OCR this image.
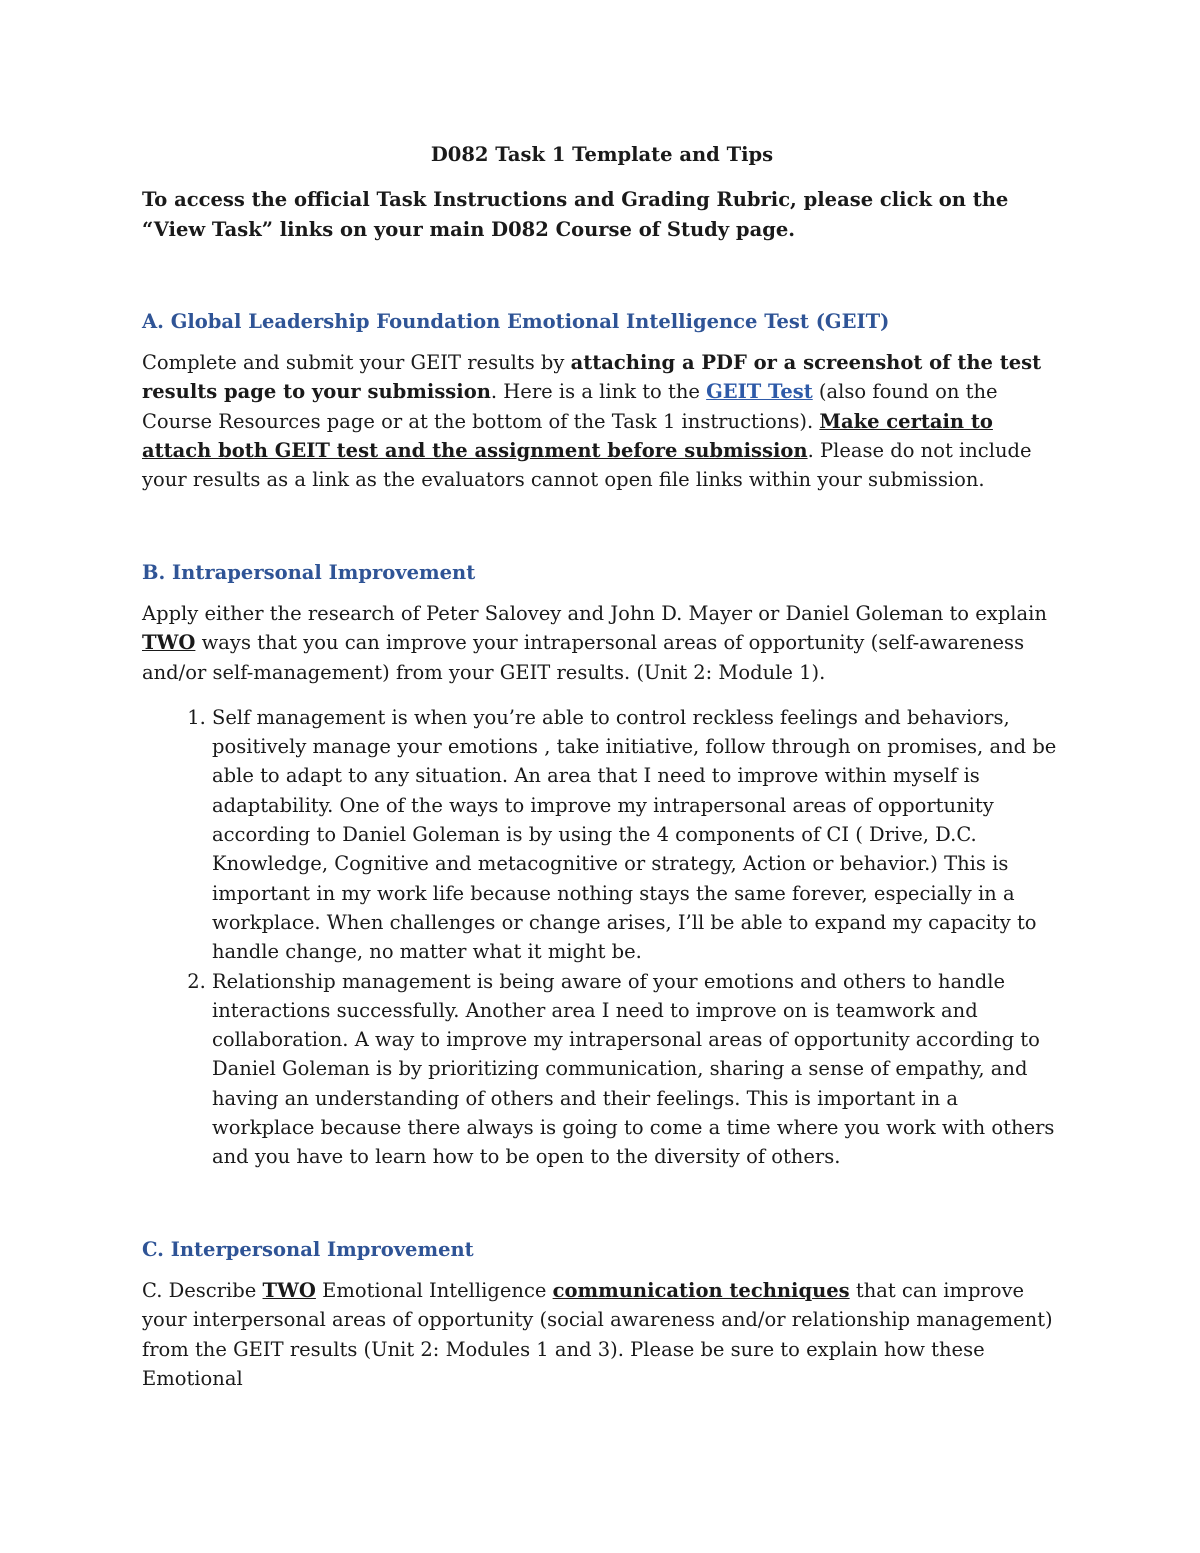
D082 Task 1 Template and Tips

To access the official Task Instructions and Grading Rubric, please click on the “View Task” links on your main D082 Course of Study page.

A. Global Leadership Foundation Emotional Intelligence Test (GEIT)

Complete and submit your GEIT results by attaching a PDF or a screenshot of the test results page to your submission. Here is a link to the GEIT Test (also found on the Course Resources page or at the bottom of the Task 1 instructions). Make certain to attach both GEIT test and the assignment before submission. Please do not include your results as a link as the evaluators cannot open file links within your submission.

B. Intrapersonal Improvement

Apply either the research of Peter Salovey and John D. Mayer or Daniel Goleman to explain TWO ways that you can improve your intrapersonal areas of opportunity (self-awareness and/or self-management) from your GEIT results. (Unit 2: Module 1).

1. Self management is when you’re able to control reckless feelings and behaviors, positively manage your emotions , take initiative, follow through on promises, and be able to adapt to any situation. An area that I need to improve within myself is adaptability. One of the ways to improve my intrapersonal areas of opportunity according to Daniel Goleman is by using the 4 components of CI ( Drive, D.C. Knowledge, Cognitive and metacognitive or strategy, Action or behavior.) This is important in my work life because nothing stays the same forever, especially in a workplace. When challenges or change arises, I’ll be able to expand my capacity to handle change, no matter what it might be.
2. Relationship management is being aware of your emotions and others to handle interactions successfully. Another area I need to improve on is teamwork and collaboration. A way to improve my intrapersonal areas of opportunity according to Daniel Goleman is by prioritizing communication, sharing a sense of empathy, and having an understanding of others and their feelings. This is important in a workplace because there always is going to come a time where you work with others and you have to learn how to be open to the diversity of others.

C. Interpersonal Improvement

C. Describe TWO Emotional Intelligence communication techniques that can improve your interpersonal areas of opportunity (social awareness and/or relationship management) from the GEIT results (Unit 2: Modules 1 and 3). Please be sure to explain how these Emotional
